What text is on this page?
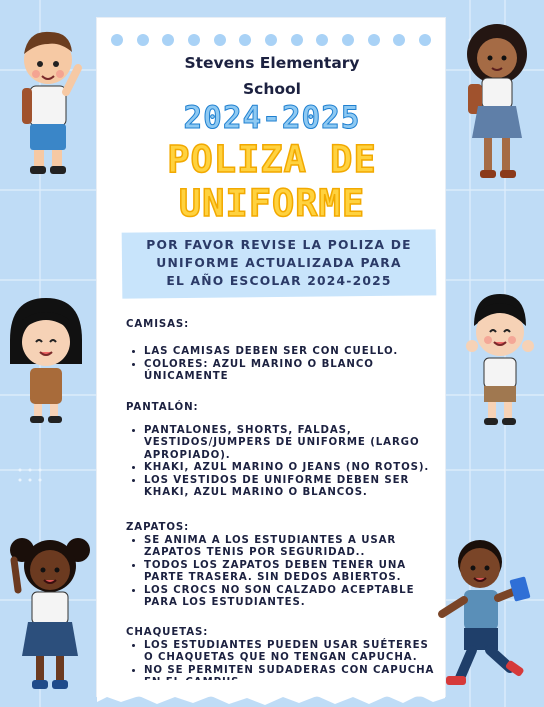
Stevens Elementary
School
2024-2025
POLIZA DE
UNIFORME
POR FAVOR REVISE LA POLIZA DE
UNIFORME ACTUALIZADA PARA
EL AÑO ESCOLAR 2024-2025
CAMISAS:
• LAS CAMISAS DEBEN SER CON CUELLO.
• COLORES: AZUL MARINO O BLANCO ÚNICAMENTE
PANTALÓN:
• PANTALONES, SHORTS, FALDAS, VESTIDOS/JUMPERS DE UNIFORME (LARGO APROPIADO).
• KHAKI, AZUL MARINO O JEANS (NO ROTOS).
• LOS VESTIDOS DE UNIFORME DEBEN SER KHAKI, AZUL MARINO O BLANCOS.
ZAPATOS:
• SE ANIMA A LOS ESTUDIANTES A USAR ZAPATOS TENIS POR SEGURIDAD..
• TODOS LOS ZAPATOS DEBEN TENER UNA PARTE TRASERA. SIN DEDOS ABIERTOS.
• LOS CROCS NO SON CALZADO ACEPTABLE PARA LOS ESTUDIANTES.
CHAQUETAS:
• LOS ESTUDIANTES PUEDEN USAR SUÉTERES O CHAQUETAS QUE NO TENGAN CAPUCHA.
• NO SE PERMITEN SUDADERAS CON CAPUCHA
